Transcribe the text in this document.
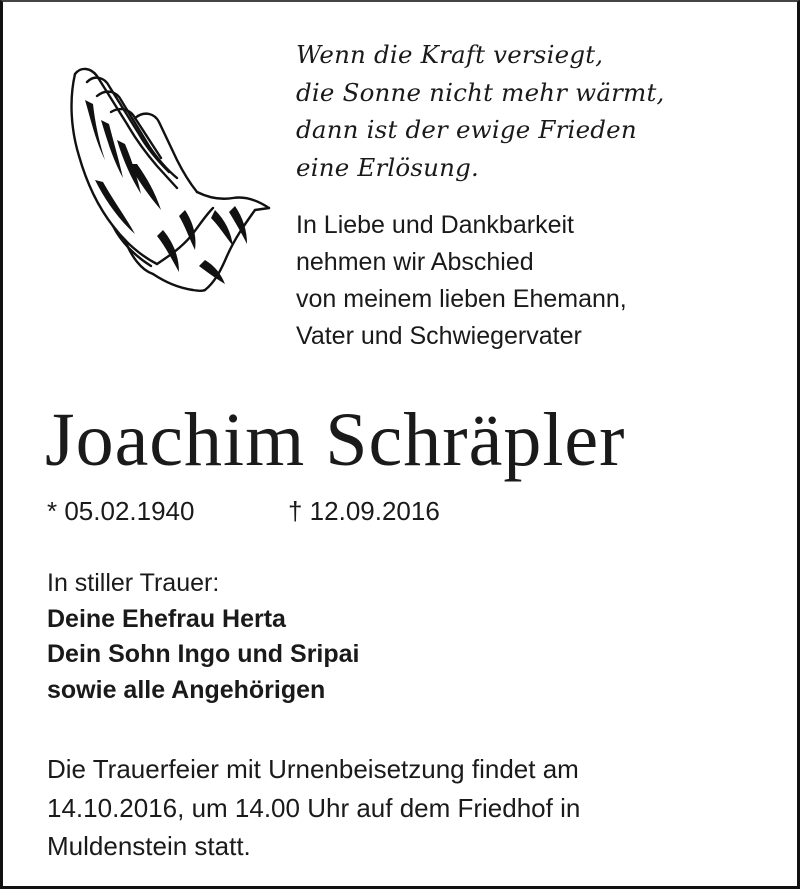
Wenn die Kraft versiegt,
die Sonne nicht mehr wärmt,
dann ist der ewige Frieden
eine Erlösung.
In Liebe und Dankbarkeit
nehmen wir Abschied
von meinem lieben Ehemann,
Vater und Schwiegervater
Joachim Schräpler
* 05.02.1940	† 12.09.2016
In stiller Trauer:
Deine Ehefrau Herta
Dein Sohn Ingo und Sripai
sowie alle Angehörigen
Die Trauerfeier mit Urnenbeisetzung findet am
14.10.2016, um 14.00 Uhr auf dem Friedhof in
Muldenstein statt.
